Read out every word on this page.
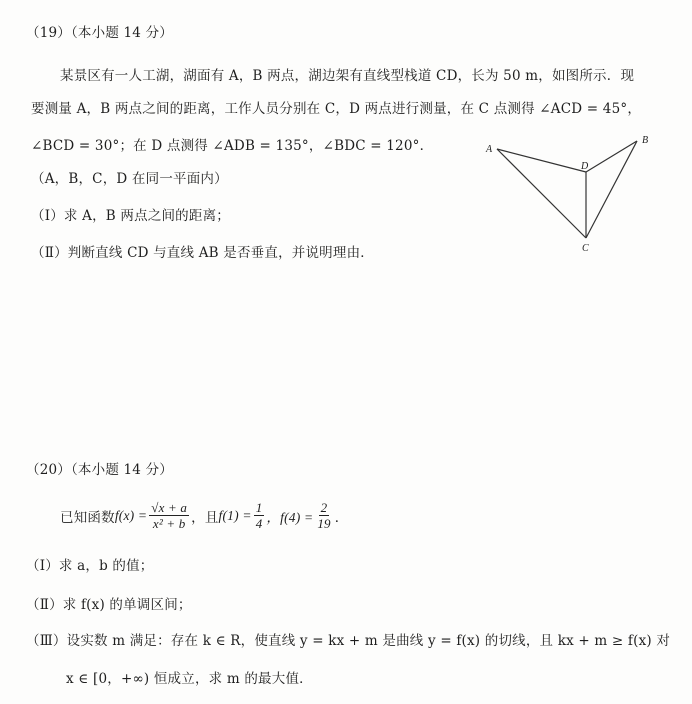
（19）（本小题 14 分）
某景区有一人工湖，湖面有 A，B 两点，湖边架有直线型栈道 CD，长为 50 m，如图所示．现
要测量 A，B 两点之间的距离，工作人员分别在 C，D 两点进行测量，在 C 点测得 ∠ACD = 45°，
∠BCD = 30°；在 D 点测得 ∠ADB = 135°，∠BDC = 120°．
（A，B，C，D 在同一平面内）
（Ⅰ）求 A，B 两点之间的距离；
（Ⅱ）判断直线 CD 与直线 AB 是否垂直，并说明理由．
A
B
D
C
（20）（本小题 14 分）
已知函数 $f(x) = \frac{√x + a}{\text{x² + b}}$ ，且 $f(1) = \frac{1}{4}$ ，$f(4) = \frac{2}{19}$ ．
（Ⅰ）求 a，b 的值；
（Ⅱ）求 f(x) 的单调区间；
（Ⅲ）设实数 m 满足：存在 k ∈ R，使直线 y = kx + m 是曲线 y = f(x) 的切线，且 kx + m ≥ f(x) 对
x ∈ [0，+∞) 恒成立，求 m 的最大值．
